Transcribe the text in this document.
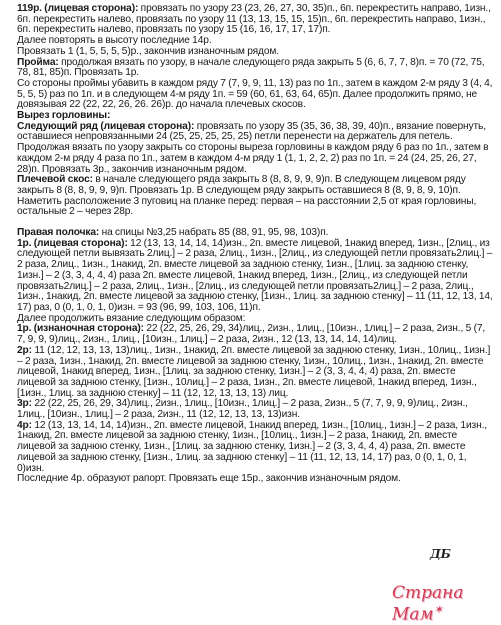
119р. (лицевая сторона): провязать по узору 23 (23, 26, 27, 30, 35)п., 6п. перекрестить направо, 1изн., 6п. перекрестить налево, провязать по узору 11 (13, 13, 15, 15, 15)п., 6п. перекрестить направо, 1изн., 6п. перекрестить налево, провязать по узору 15 (16, 16, 17, 17, 17)п.

Далее повторять в высоту последние 14р.

Провязать 1 (1, 5, 5, 5, 5)р., закончив изнаночным рядом.

Пройма: продолжая вязать по узору, в начале следующего ряда закрыть 5 (6, 6, 7, 7, 8)п. = 70 (72, 75, 78, 81, 85)п. Провязать 1р.

Со стороны проймы убавить в каждом ряду 7 (7, 9, 9, 11, 13) раз по 1п., затем в каждом 2-м ряду 3 (4, 4, 5, 5, 5) раз по 1п. и в следующем 4-м ряду 1п. = 59 (60, 61, 63, 64, 65)п. Далее продолжить прямо, не довязывая 22 (22, 22, 26, 26. 26)р. до начала плечевых скосов.

Вырез горловины:

Следующий ряд (лицевая сторона): провязать по узору 35 (35, 36, 38, 39, 40)п., вязание повернуть, оставшиеся непровязанными 24 (25, 25, 25, 25, 25) петли перенести на держатель для петель. Продолжая вязать по узору закрыть со стороны выреза горловины в каждом ряду 6 раз по 1п., затем в каждом 2-м ряду 4 раза по 1п., затем в каждом 4-м ряду 1 (1, 1, 2, 2, 2) раз по 1п. = 24 (24, 25, 26, 27, 28)п. Провязать 3р., закончив изнаночным рядом.

Плечевой скос: в начале следующего ряда закрыть 8 (8, 8, 9, 9, 9)п. В следующем лицевом ряду закрыть 8 (8, 8, 9, 9, 9)п. Провязать 1р. В следующем ряду закрыть оставшиеся 8 (8, 9, 8, 9, 10)п.

Наметить расположение 3 пуговиц на планке перед: первая – на расстоянии 2,5 от края горловины, остальные 2 – через 28р.

Правая полочка: на спицы №3,25 набрать 85 (88, 91, 95, 98, 103)п.

1р. (лицевая сторона): 12 (13, 13, 14, 14, 14)изн., 2п. вместе лицевой, 1накид вперед, 1изн., [2лиц., из следующей петли вывязать 2лиц.] – 2 раза, 2лиц., 1изн., [2лиц., из следующей петли провязать2лиц.] – 2 раза, 2лиц., 1изн., 1накид, 2п. вместе лицевой за заднюю стенку, 1изн., [1лиц. за заднюю стенку, 1изн.] – 2 (3, 3, 4, 4, 4) раза 2п. вместе лицевой, 1накид вперед, 1изн., [2лиц., из следующей петли провязать2лиц.] – 2 раза, 2лиц., 1изн., [2лиц., из следующей петли провязать2лиц.] – 2 раза, 2лиц., 1изн., 1накид, 2п. вместе лицевой за заднюю стенку, [1изн., 1лиц. за заднюю стенку] – 11 (11, 12, 13, 14, 17) раз, 0 (0, 1, 0, 1, 0)изн. = 93 (96, 99, 103, 106, 11)п.

Далее продолжить вязание следующим образом:

1р. (изнаночная сторона): 22 (22, 25, 26, 29, 34)лиц., 2изн., 1лиц., [10изн., 1лиц.] – 2 раза, 2изн., 5 (7, 7, 9, 9, 9)лиц., 2изн., 1лиц., [10изн., 1лиц.] – 2 раза, 2изн., 12 (13, 13, 14, 14, 14)лиц.

2р: 11 (12, 12, 13, 13, 13)лиц., 1изн., 1накид, 2п. вместе лицевой за заднюю стенку, 1изн., 10лиц., 1изн.] – 2 раза, 1изн., 1накид, 2п. вместе лицевой за заднюю стенку, 1изн., 10лиц., 1изн., 1накид, 2п. вместе лицевой, 1накид вперед, 1изн., [1лиц. за заднюю стенку, 1изн.] – 2 (3, 3, 4, 4, 4) раза, 2п. вместе лицевой за заднюю стенку, [1изн., 10лиц.] – 2 раза, 1изн., 2п. вместе лицевой, 1накид вперед, 1изн., [1изн., 1лиц. за заднюю стенку] – 11 (12, 12, 13, 13, 13) лиц.

3р: 22 (22, 25, 26, 29, 34)лиц., 2изн., 1лиц., [10изн., 1лиц.] – 2 раза, 2изн., 5 (7, 7, 9, 9, 9)лиц., 2изн., 1лиц., [10изн., 1лиц.] – 2 раза, 2изн., 11 (12, 12, 13, 13, 13)изн.

4р: 12 (13, 13, 14, 14, 14)изн., 2п. вместе лицевой, 1накид вперед, 1изн., [10лиц., 1изн.] – 2 раза, 1изн., 1накид, 2п. вместе лицевой за заднюю стенку, 1изн., [10лиц., 1изн.] – 2 раза, 1накид, 2п. вместе лицевой за заднюю стенку, 1изн., [1лиц. за заднюю стенку, 1изн.] – 2 (3, 3, 4, 4, 4) раза, 2п. вместе лицевой за заднюю стенку, [1изн., 1лиц. за заднюю стенку] – 11 (11, 12, 13, 14, 17) раз, 0 (0, 1, 0, 1, 0)изн.

Последние 4р. образуют рапорт. Провязать еще 15р., закончив изнаночным рядом.

ДБ
Страна Мам✶
